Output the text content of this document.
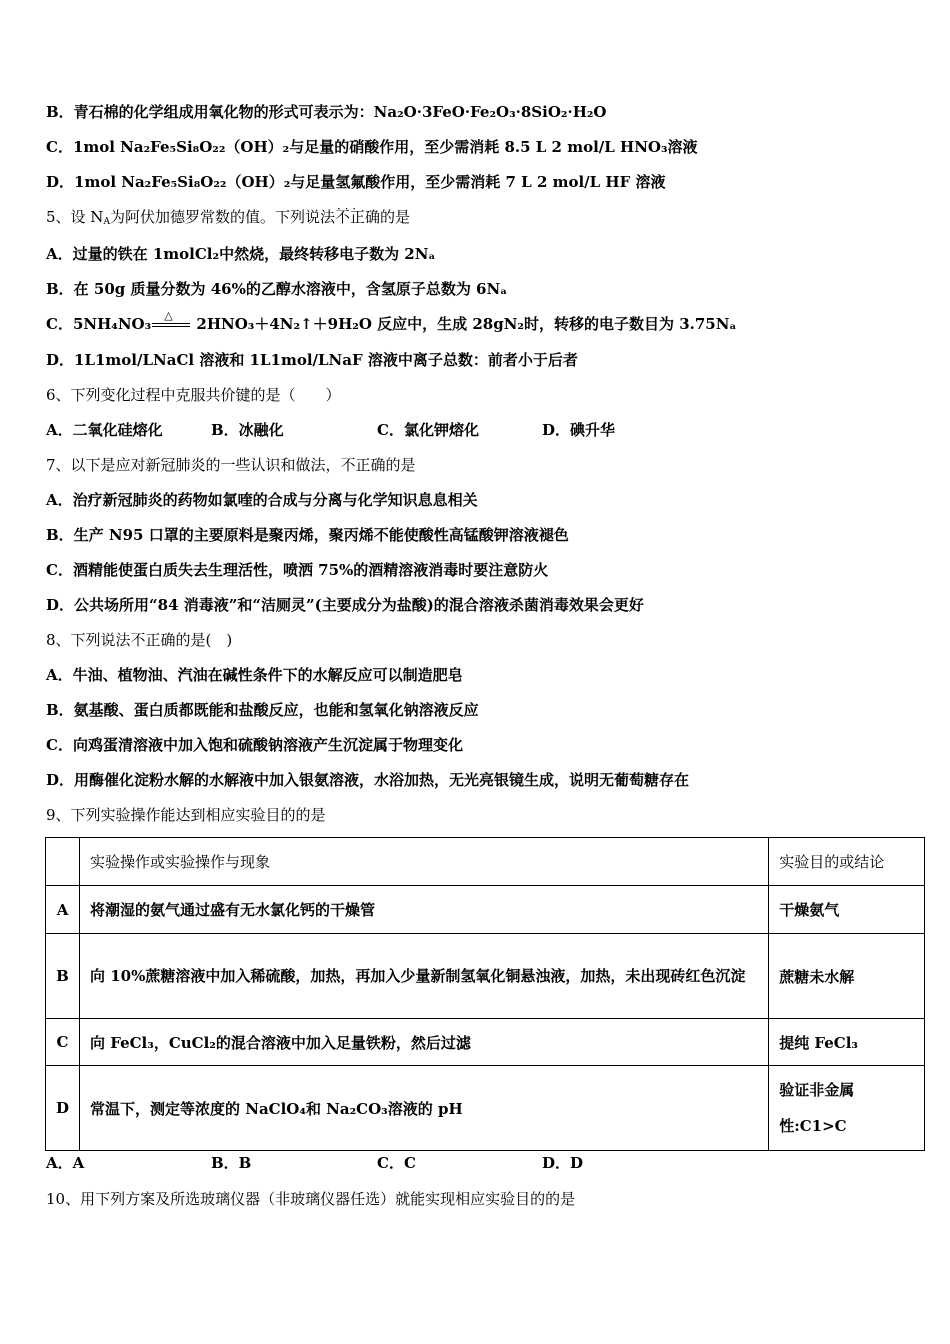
B．青石棉的化学组成用氧化物的形式可表示为：Na₂O·3FeO·Fe₂O₃·8SiO₂·H₂O
C．1mol Na₂Fe₅Si₈O₂₂（OH）₂与足量的硝酸作用，至少需消耗 8.5 L 2 mol/L HNO₃溶液
D．1mol Na₂Fe₅Si₈O₂₂（OH）₂与足量氢氟酸作用，至少需消耗 7 L 2 mol/L HF 溶液
5、设 $N_A$为阿伏加德罗常数的值。下列说法· · 不正确的是
A．过量的铁在 1molCl₂中然烧，最终转移电子数为 2Nₐ
B．在 50g 质量分数为 46%的乙醇水溶液中，含氢原子总数为 6Nₐ
C．5NH₄NO₃ △ 2HNO₃＋4N₂↑＋9H₂O 反应中，生成 28gN₂时，转移的电子数目为 3.75Nₐ
D．1L1mol/LNaCl 溶液和 1L1mol/LNaF 溶液中离子总数：前者小于后者
6、下列变化过程中克服共价键的是（　　）
A．二氧化硅熔化	B．冰融化	C．氯化钾熔化	D．碘升华
7、以下是应对新冠肺炎的一些认识和做法，不正确的是
A．治疗新冠肺炎的药物如氯喹的合成与分离与化学知识息息相关
B．生产 N95 口罩的主要原料是聚丙烯，聚丙烯不能使酸性高锰酸钾溶液褪色
C．酒精能使蛋白质失去生理活性，喷洒 75%的酒精溶液消毒时要注意防火
D．公共场所用“84 消毒液”和“洁厕灵”(主要成分为盐酸)的混合溶液杀菌消毒效果会更好
8、下列说法不正确的是(　)
A．牛油、植物油、汽油在碱性条件下的水解反应可以制造肥皂
B．氨基酸、蛋白质都既能和盐酸反应，也能和氢氧化钠溶液反应
C．向鸡蛋清溶液中加入饱和硫酸钠溶液产生沉淀属于物理变化
D．用酶催化淀粉水解的水解液中加入银氨溶液，水浴加热，无光亮银镜生成，说明无葡萄糖存在
9、下列实验操作能达到相应实验目的的是
	实验操作或实验操作与现象	实验目的或结论
A	将潮湿的氨气通过盛有无水氯化钙的干燥管	干燥氨气
B	向 10%蔗糖溶液中加入稀硫酸，加热，再加入少量新制氢氧化铜悬浊液，加热，未出现砖红色沉淀	蔗糖未水解
C	向 FeCl₃，CuCl₂的混合溶液中加入足量铁粉，然后过滤	提纯 FeCl₃
D	常温下，测定等浓度的 NaClO₄和 Na₂CO₃溶液的 pH	验证非金属性:C1>C
A．A	B．B	C．C	D．D
10、用下列方案及所选玻璃仪器（非玻璃仪器任选）就能实现相应实验目的的是
